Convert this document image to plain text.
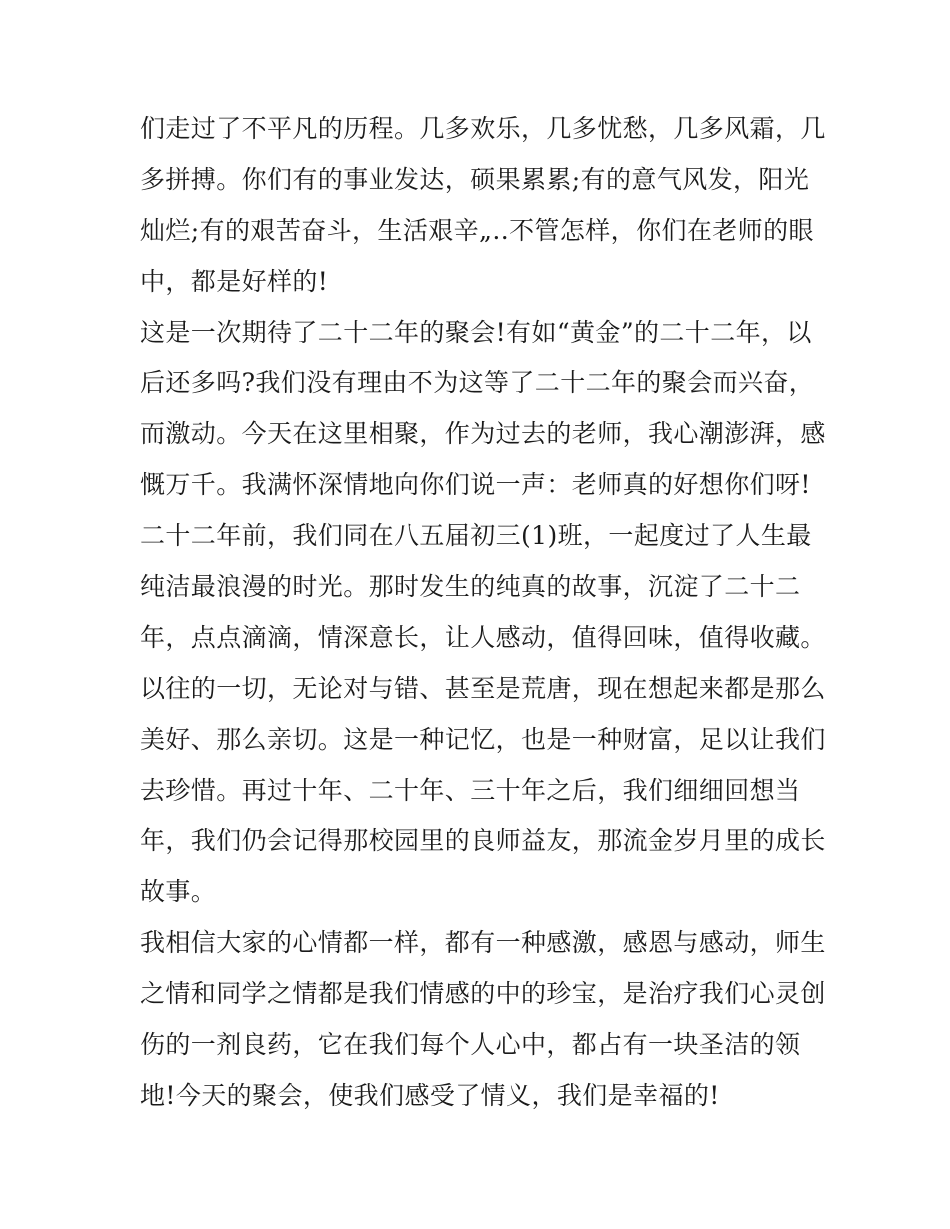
们走过了不平凡的历程。几多欢乐，几多忧愁，几多风霜，几
多拼搏。你们有的事业发达，硕果累累;有的意气风发，阳光
灿烂;有的艰苦奋斗，生活艰辛„..不管怎样，你们在老师的眼
中，都是好样的!
这是一次期待了二十二年的聚会!有如“黄金”的二十二年，以
后还多吗?我们没有理由不为这等了二十二年的聚会而兴奋，
而激动。今天在这里相聚，作为过去的老师，我心潮澎湃，感
慨万千。我满怀深情地向你们说一声：老师真的好想你们呀!
二十二年前，我们同在八五届初三(1)班，一起度过了人生最
纯洁最浪漫的时光。那时发生的纯真的故事，沉淀了二十二
年，点点滴滴，情深意长，让人感动，值得回味，值得收藏。
以往的一切，无论对与错、甚至是荒唐，现在想起来都是那么
美好、那么亲切。这是一种记忆，也是一种财富，足以让我们
去珍惜。再过十年、二十年、三十年之后，我们细细回想当
年，我们仍会记得那校园里的良师益友，那流金岁月里的成长
故事。
我相信大家的心情都一样，都有一种感激，感恩与感动，师生
之情和同学之情都是我们情感的中的珍宝，是治疗我们心灵创
伤的一剂良药，它在我们每个人心中，都占有一块圣洁的领
地!今天的聚会，使我们感受了情义，我们是幸福的!
